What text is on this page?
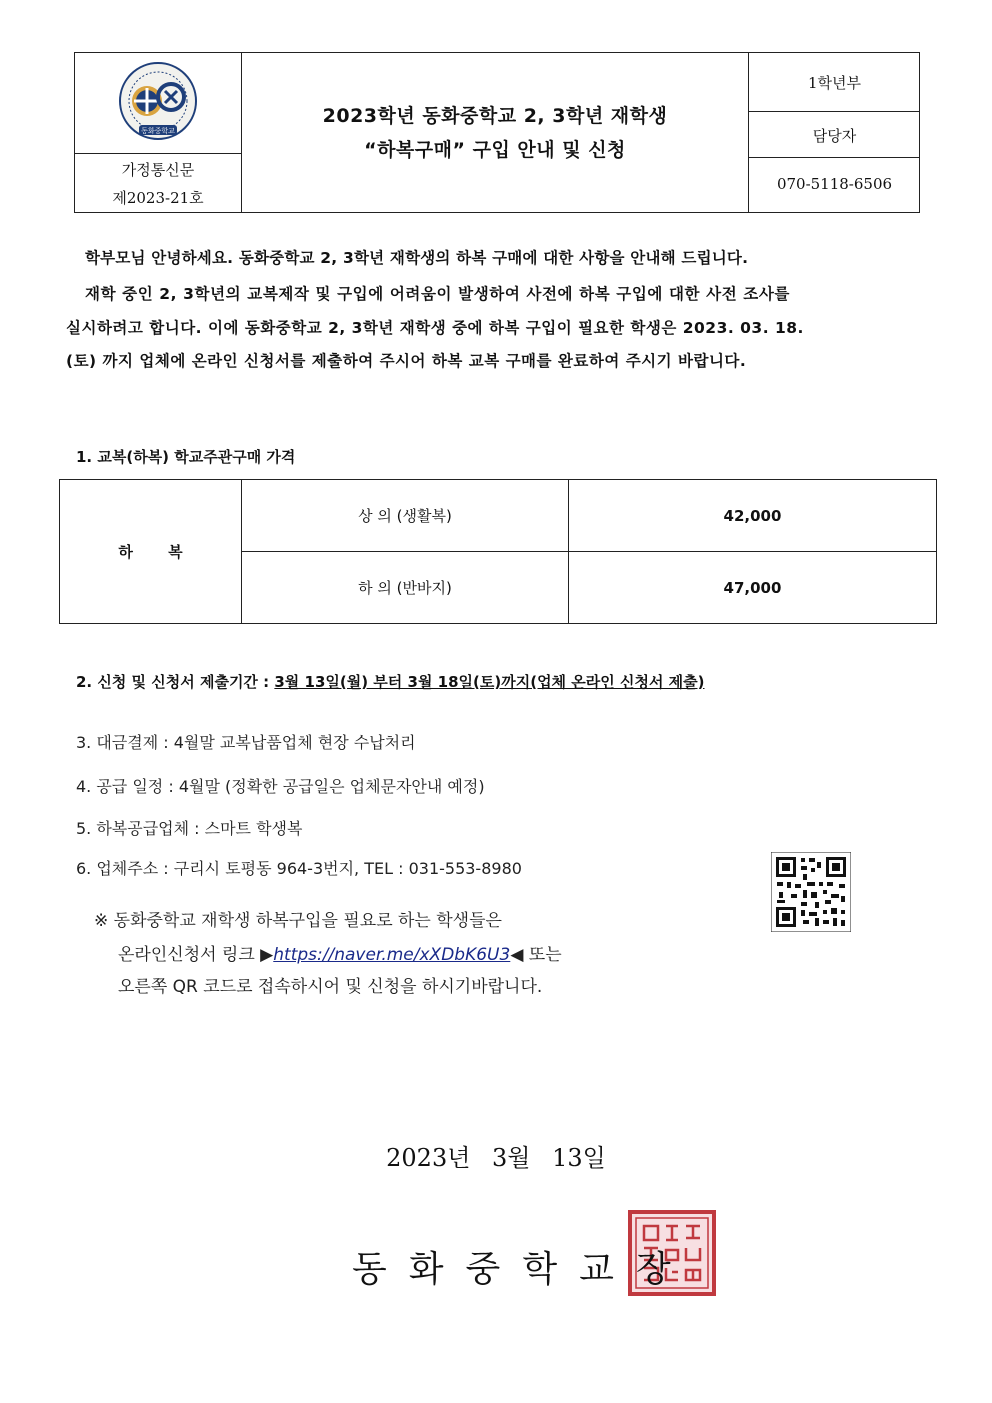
동화중학교
가정통신문
제2023-21호
2023학년 동화중학교 2, 3학년 재학생
“하복구매” 구입 안내 및 신청
1학년부
담당자
070-5118-6506
학부모님 안녕하세요. 동화중학교 2, 3학년 재학생의 하복 구매에 대한 사항을 안내해 드립니다.
재학 중인 2, 3학년의 교복제작 및 구입에 어려움이 발생하여 사전에 하복 구입에 대한 사전 조사를
실시하려고 합니다. 이에 동화중학교 2, 3학년 재학생 중에 하복 구입이 필요한 학생은 2023. 03. 18.
(토) 까지 업체에 온라인 신청서를 제출하여 주시어 하복 교복 구매를 완료하여 주시기 바랍니다.
1. 교복(하복) 학교주관구매 가격
하 복
상 의 (생활복)	42,000
하 의 (반바지)	47,000
2. 신청 및 신청서 제출기간 : 3월 13일(월) 부터 3월 18일(토)까지(업체 온라인 신청서 제출)
3. 대금결제 : 4월말 교복납품업체 현장 수납처리
4. 공급 일정 : 4월말 (정확한 공급일은 업체문자안내 예정)
5. 하복공급업체 : 스마트 학생복
6. 업체주소 : 구리시 토평동 964-3번지, TEL : 031-553-8980
※ 동화중학교 재학생 하복구입을 필요로 하는 학생들은
온라인신청서 링크 ▶https://naver.me/xXDbK6U3◀ 또는
오른쪽 QR 코드로 접속하시어 및 신청을 하시기바랍니다.
2023년 3월 13일
동화중학교장
